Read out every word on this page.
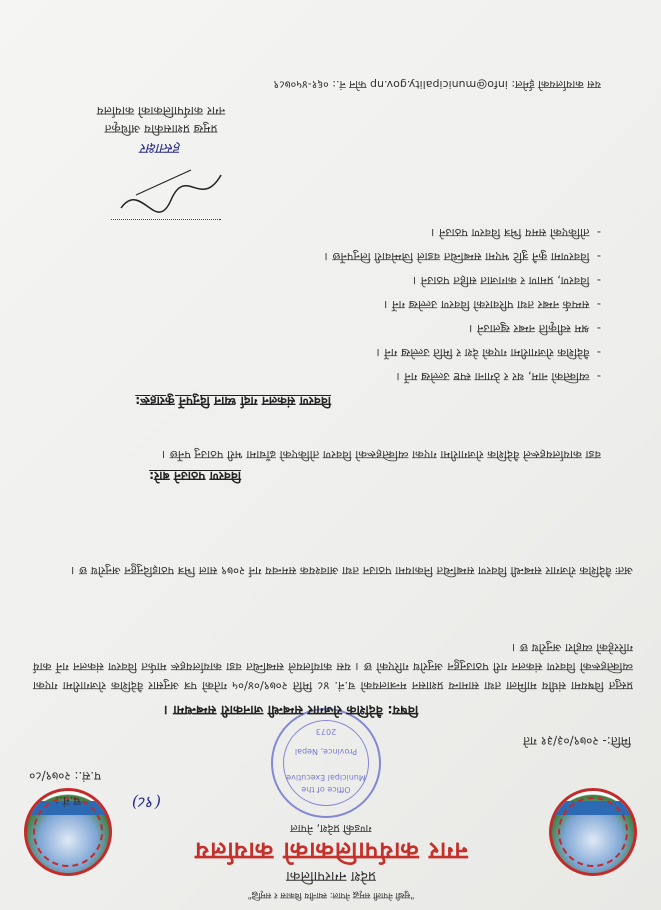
"सुखी नेपाली समृद्ध नेपाल: स्थानीय विकास र समृद्धि"
प्रदेश नगरपालिका
नगर कार्यपालिकाको कार्यालय
गण्डकी प्रदेश, नेपाल
प.सं.: २०७९/८०
च.नं.:	(९८)
Office of the
Municipal Executive
Province, Nepal
2073
मिति:- २०७९/०३/३१ गते
विषय: वैदेशिक रोजगार सम्बन्धी जानकारी सम्बन्धमा ।
प्रस्तुत विषयमा संघीय मामिला तथा सामान्य प्रशासन मन्त्रालयको च.नं. ४८ मिति २०७९/०४/०५ गतेको पत्र अनुसार वैदेशिक रोजगारीमा गएका व्यक्तिहरूको विवरण संकलन गरी पठाउनुहुन अनुरोध गरिएको छ । यस कार्यालयले सम्बन्धित वडा कार्यालयहरू मार्फत विवरण संकलन गर्ने कार्य गरिरहेको व्यहोरा अनुरोध छ ।
अतः वैदेशिक रोजगार सम्बन्धी विवरण सम्बन्धित निकायमा पठाउन तथा आवश्यक समन्वय गर्न २०७९ साल भित्र पठाइदिनुहुन अनुरोध छ ।
विवरण पठाउने बारे:
वडा कार्यालयहरूले वैदेशिक रोजगारीमा गएका व्यक्तिहरूको विवरण तोकिएको ढाँचामा भरी पठाउनु पर्नेछ ।
विवरण संकलन गर्दा ध्यान दिनुपर्ने कुराहरू:
-  व्यक्तिको नाम, थर र ठेगाना स्पष्ट उल्लेख गर्ने ।
-  वैदेशिक रोजगारीमा गएको देश र मिति उल्लेख गर्ने ।
-  श्रम स्वीकृति नम्बर खुलाउने ।
-  सम्पर्क नम्बर तथा परिवारको विवरण उल्लेख गर्ने ।
-  विवरण, प्रमाण र कागजात सहित पठाउने ।
-  विवरणमा कुनै त्रुटि भएमा सम्बन्धित वडाले जिम्मेवारी लिनुपर्नेछ ।
-  तोकिएको समय भित्र विवरण पठाउने ।
हस्ताक्षर
प्रमुख प्रशासकीय अधिकृत
नगर कार्यपालिकाको कार्यालय
यस कार्यालयको ईमेल: info@municipality.gov.np फोन नं.: ०६१-४५०७८९
